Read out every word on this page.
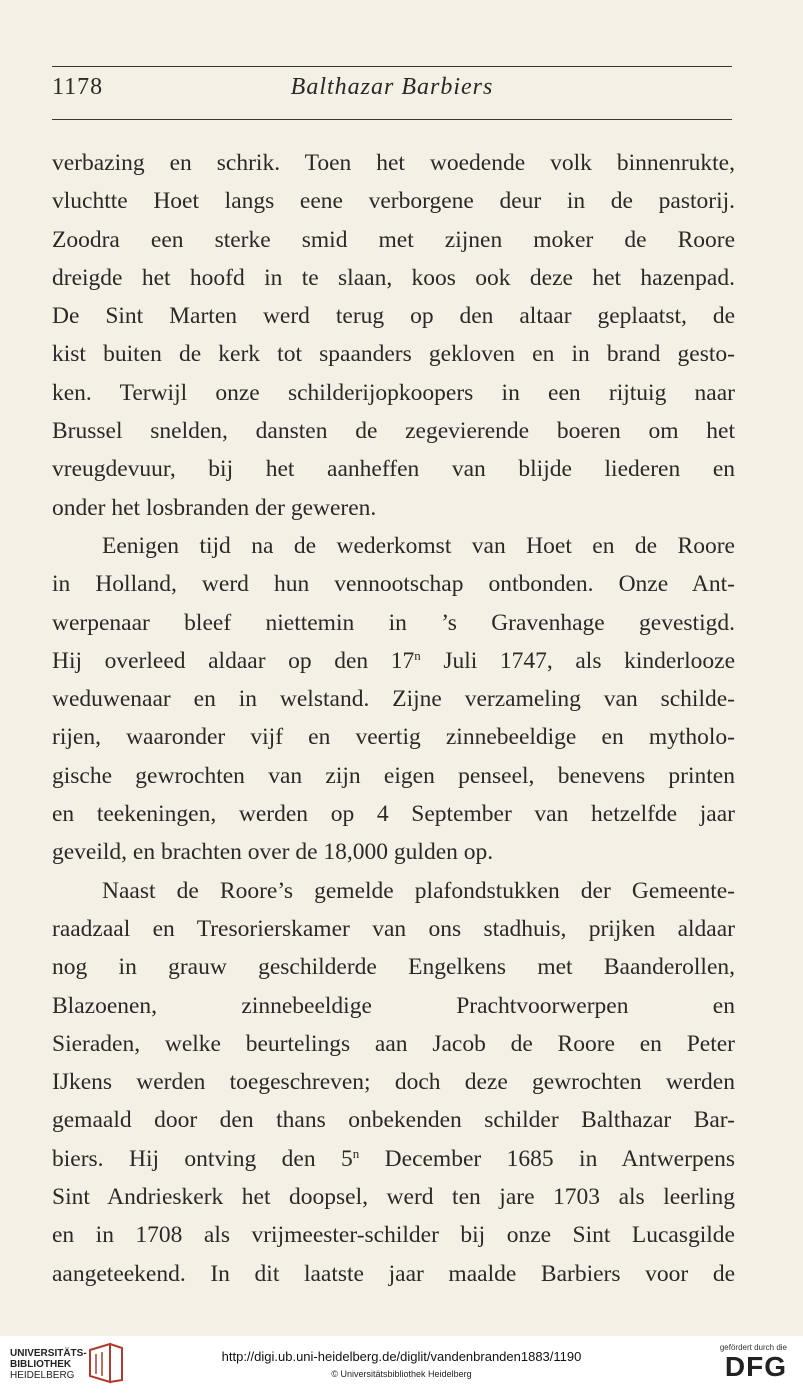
1178	Balthazar Barbiers
verbazing en schrik. Toen het woedende volk binnenrukte,
vluchtte Hoet langs eene verborgene deur in de pastorij.
Zoodra een sterke smid met zijnen moker de Roore
dreigde het hoofd in te slaan, koos ook deze het hazenpad.
De Sint Marten werd terug op den altaar geplaatst, de
kist buiten de kerk tot spaanders gekloven en in brand gesto-
ken. Terwijl onze schilderijopkoopers in een rijtuig naar
Brussel snelden, dansten de zegevierende boeren om het
vreugdevuur, bij het aanheffen van blijde liederen en
onder het losbranden der geweren.
Eenigen tijd na de wederkomst van Hoet en de Roore
in Holland, werd hun vennootschap ontbonden. Onze Ant-
werpenaar bleef niettemin in ’s Gravenhage gevestigd.
Hij overleed aldaar op den 17$^n$ Juli 1747, als kinderlooze
weduwenaar en in welstand. Zijne verzameling van schilde-
rijen, waaronder vijf en veertig zinnebeeldige en mytholo-
gische gewrochten van zijn eigen penseel, benevens printen
en teekeningen, werden op 4 September van hetzelfde jaar
geveild, en brachten over de 18,000 gulden op.
Naast de Roore’s gemelde plafondstukken der Gemeente-
raadzaal en Tresorierskamer van ons stadhuis, prijken aldaar
nog in grauw geschilderde Engelkens met Baanderollen,
Blazoenen, zinnebeeldige Prachtvoorwerpen en
Sieraden, welke beurtelings aan Jacob de Roore en Peter
IJkens werden toegeschreven; doch deze gewrochten werden
gemaald door den thans onbekenden schilder Balthazar Bar-
biers. Hij ontving den 5$^n$ December 1685 in Antwerpens
Sint Andrieskerk het doopsel, werd ten jare 1703 als leerling
en in 1708 als vrijmeester-schilder bij onze Sint Lucasgilde
aangeteekend. In dit laatste jaar maalde Barbiers voor de
UNIVERSITÄTS-
BIBLIOTHEK
HEIDELBERG
http://digi.ub.uni-heidelberg.de/diglit/vandenbranden1883/1190
© Universitätsbibliothek Heidelberg
gefördert durch die
DFG
